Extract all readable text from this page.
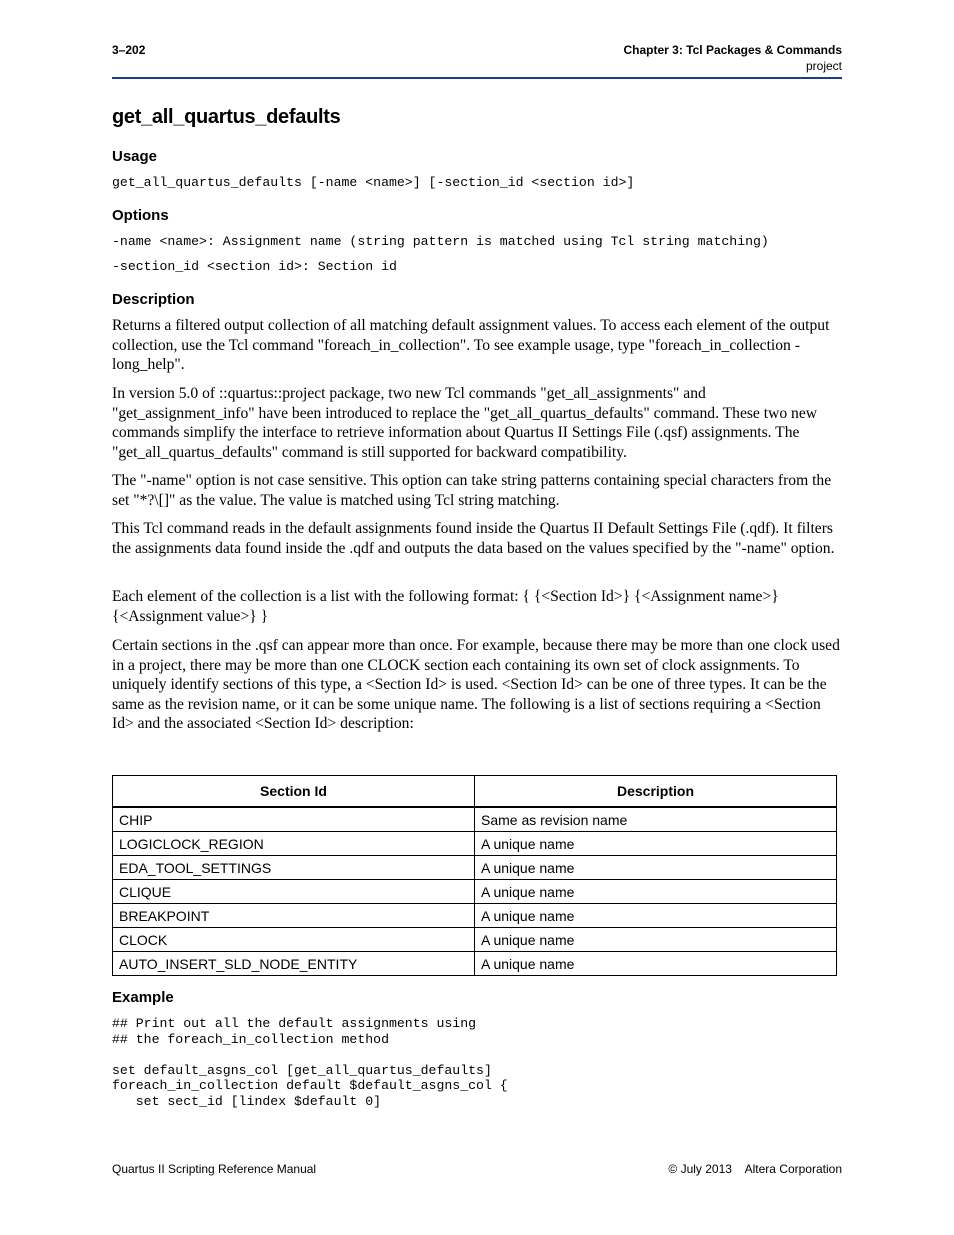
3–202	Chapter 3: Tcl Packages & Commands
project
get_all_quartus_defaults
Usage
get_all_quartus_defaults [-name <name>] [-section_id <section id>]
Options
-name <name>: Assignment name (string pattern is matched using Tcl string matching)
-section_id <section id>: Section id
Description

Returns a filtered output collection of all matching default assignment values. To access each element of the output collection, use the Tcl command "foreach_in_collection". To see example usage, type "foreach_in_collection -long_help".

In version 5.0 of ::quartus::project package, two new Tcl commands "get_all_assignments" and "get_assignment_info" have been introduced to replace the "get_all_quartus_defaults" command. These two new commands simplify the interface to retrieve information about Quartus II Settings File (.qsf) assignments. The "get_all_quartus_defaults" command is still supported for backward compatibility.

The "-name" option is not case sensitive. This option can take string patterns containing special characters from the set "*?\[]" as the value. The value is matched using Tcl string matching.

This Tcl command reads in the default assignments found inside the Quartus II Default Settings File (.qdf). It filters the assignments data found inside the .qdf and outputs the data based on the values specified by the "-name" option.

Each element of the collection is a list with the following format: { {<Section Id>} {<Assignment name>} {<Assignment value>} }

Certain sections in the .qsf can appear more than once. For example, because there may be more than one clock used in a project, there may be more than one CLOCK section each containing its own set of clock assignments. To uniquely identify sections of this type, a <Section Id> is used. <Section Id> can be one of three types. It can be the same as the revision name, or it can be some unique name. The following is a list of sections requiring a <Section Id> and the associated <Section Id> description:

Section Id	Description
CHIP	Same as revision name
LOGICLOCK_REGION	A unique name
EDA_TOOL_SETTINGS	A unique name
CLIQUE	A unique name
BREAKPOINT	A unique name
CLOCK	A unique name
AUTO_INSERT_SLD_NODE_ENTITY	A unique name
Example
## Print out all the default assignments using
## the foreach_in_collection method

set default_asgns_col [get_all_quartus_defaults]
foreach_in_collection default $default_asgns_col {
set sect_id [lindex $default 0]
Quartus II Scripting Reference Manual	© July 2013    Altera Corporation
